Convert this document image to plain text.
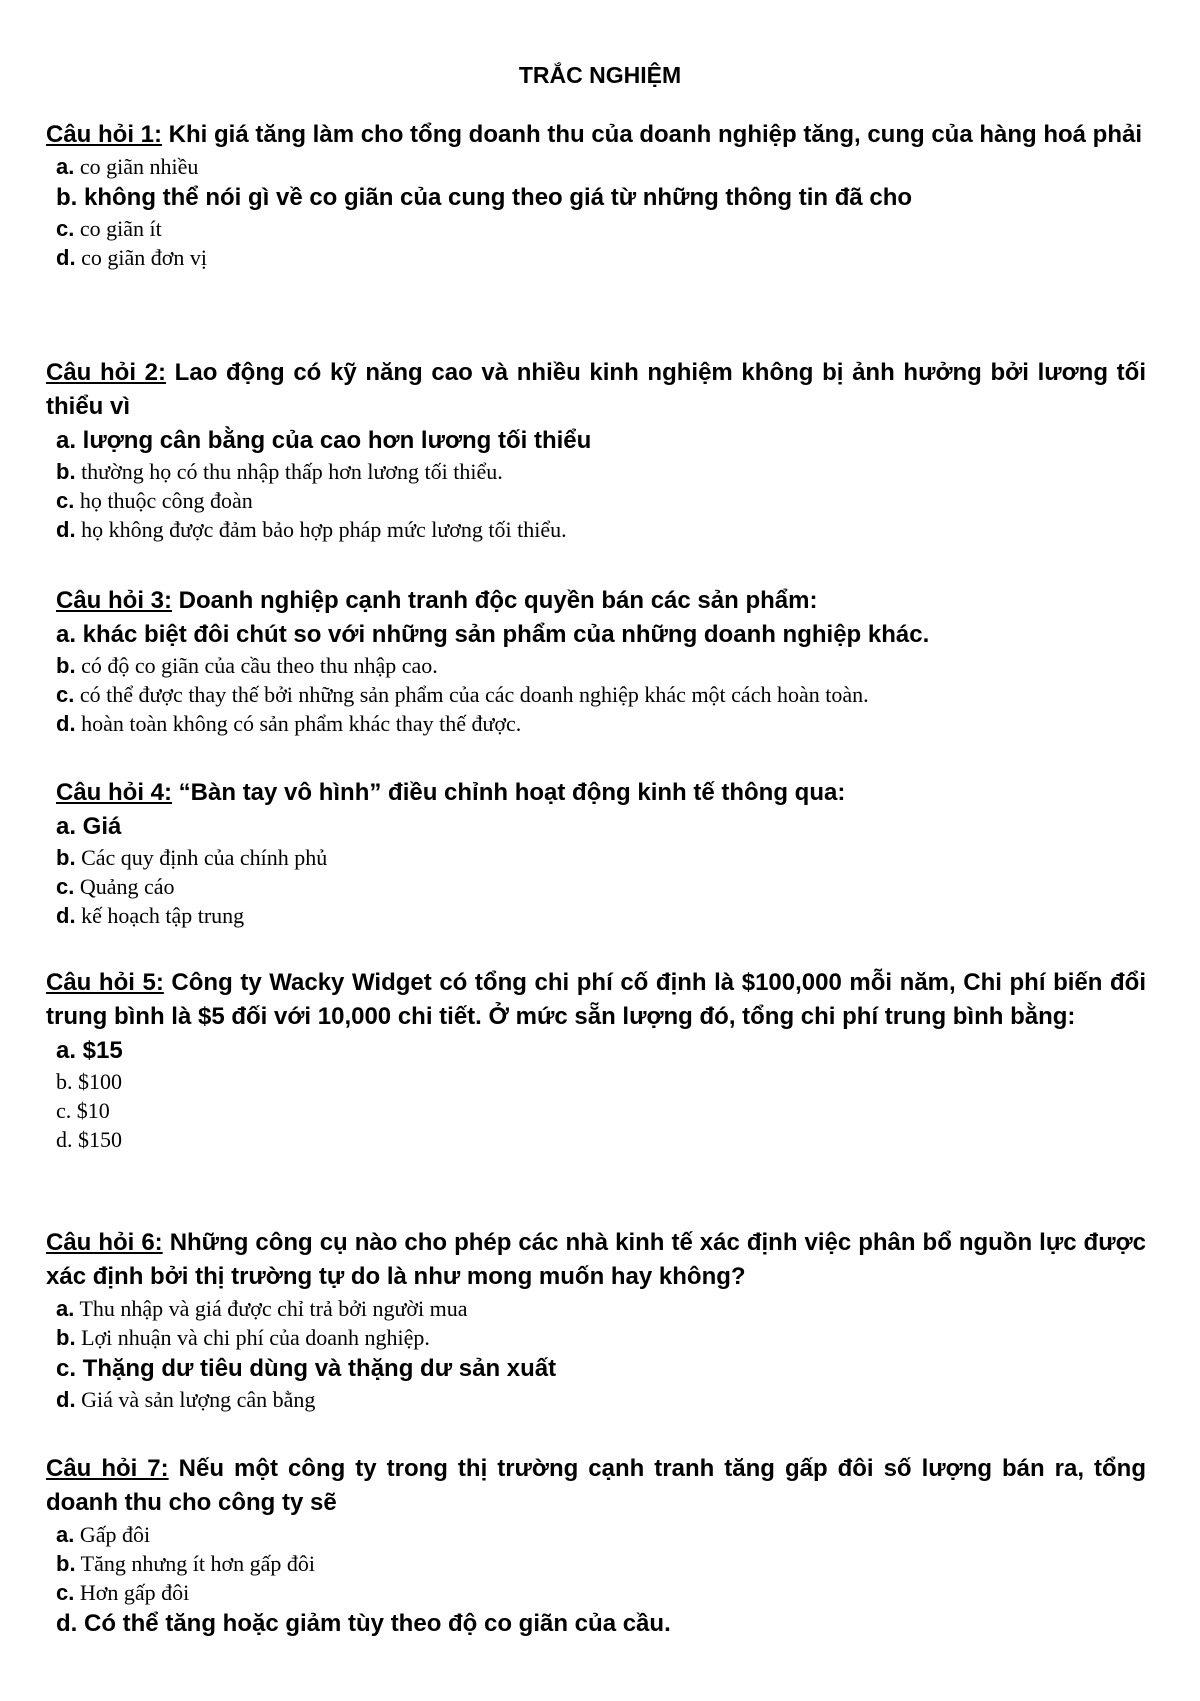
TRẮC NGHIỆM

Câu hỏi 1: Khi giá tăng làm cho tổng doanh thu của doanh nghiệp tăng, cung của hàng hoá phải

a. co giãn nhiều

b. không thể nói gì về co giãn của cung theo giá từ những thông tin đã cho

c. co giãn ít

d. co giãn đơn vị

Câu hỏi 2: Lao động có kỹ năng cao và nhiều kinh nghiệm không bị ảnh hưởng bởi lương tối thiểu vì

a. lượng cân bằng của cao hơn lương tối thiểu

b. thường họ có thu nhập thấp hơn lương tối thiểu.

c. họ thuộc công đoàn

d. họ không được đảm bảo hợp pháp mức lương tối thiểu.

Câu hỏi 3: Doanh nghiệp cạnh tranh độc quyền bán các sản phẩm:

a. khác biệt đôi chút so với những sản phẩm của những doanh nghiệp khác.

b. có độ co giãn của cầu theo thu nhập cao.

c. có thể được thay thế bởi những sản phẩm của các doanh nghiệp khác một cách hoàn toàn.

d. hoàn toàn không có sản phẩm khác thay thế được.

Câu hỏi 4: “Bàn tay vô hình” điều chỉnh hoạt động kinh tế thông qua:

a. Giá

b. Các quy định của chính phủ

c. Quảng cáo

d. kế hoạch tập trung

Câu hỏi 5: Công ty Wacky Widget có tổng chi phí cố định là $100,000 mỗi năm, Chi phí biến đổi trung bình là $5 đối với 10,000 chi tiết. Ở mức sẵn lượng đó, tổng chi phí trung bình bằng:

a. $15

b. $100

c. $10

d. $150

Câu hỏi 6: Những công cụ nào cho phép các nhà kinh tế xác định việc phân bổ nguồn lực được xác định bởi thị trường tự do là như mong muốn hay không?

a. Thu nhập và giá được chỉ trả bởi người mua

b. Lợi nhuận và chi phí của doanh nghiệp.

c. Thặng dư tiêu dùng và thặng dư sản xuất

d. Giá và sản lượng cân bằng

Câu hỏi 7: Nếu một công ty trong thị trường cạnh tranh tăng gấp đôi số lượng bán ra, tổng doanh thu cho công ty sẽ

a. Gấp đôi

b. Tăng nhưng ít hơn gấp đôi

c. Hơn gấp đôi

d. Có thể tăng hoặc giảm tùy theo độ co giãn của cầu.
